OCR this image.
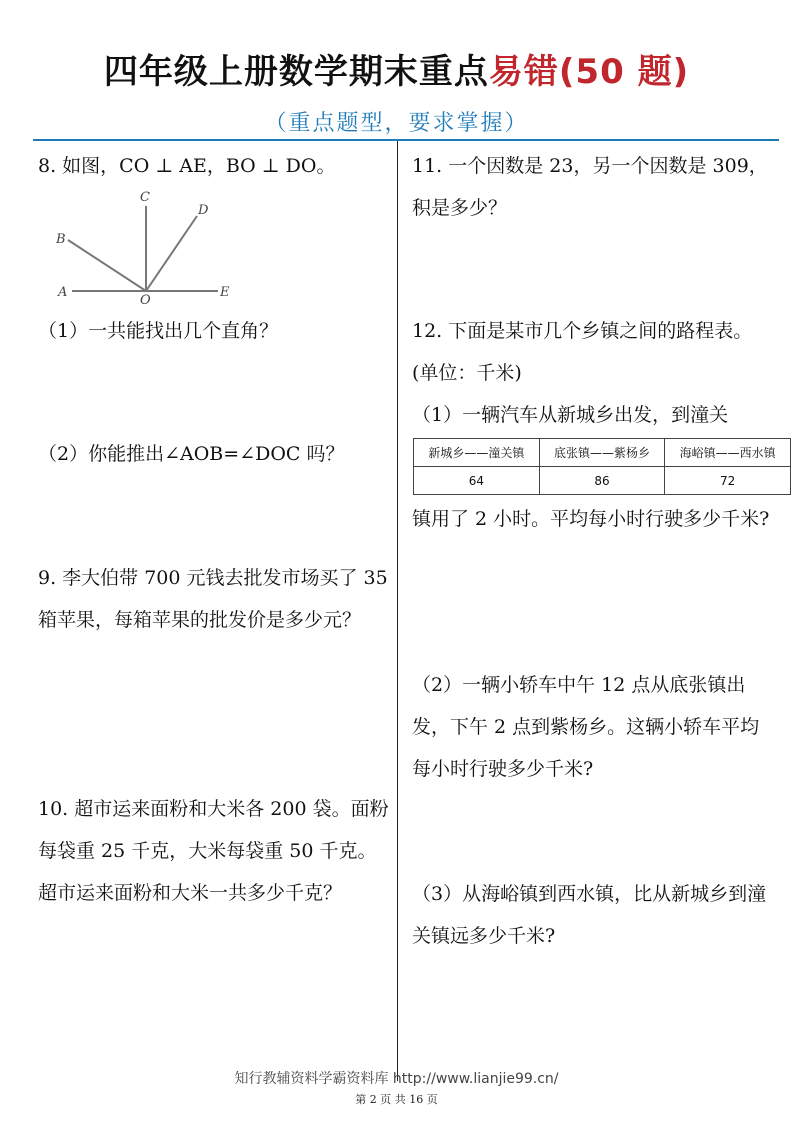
四年级上册数学期末重点易错(50 题)
（重点题型，要求掌握）
8. 如图，CO ⊥ AE，BO ⊥ DO。
A
B
C
D
E
O
（1）一共能找出几个直角？
（2）你能推出∠AOB=∠DOC 吗？
9. 李大伯带 700 元钱去批发市场买了 35 箱苹果，每箱苹果的批发价是多少元？
10. 超市运来面粉和大米各 200 袋。面粉每袋重 25 千克，大米每袋重 50 千克。超市运来面粉和大米一共多少千克？
11. 一个因数是 23，另一个因数是 309，积是多少？
12. 下面是某市几个乡镇之间的路程表。(单位：千米)
（1）一辆汽车从新城乡出发，到潼关
新城乡——潼关镇	底张镇——紫杨乡	海峪镇——西水镇
64	86	72
镇用了 2 小时。平均每小时行驶多少千米?
（2）一辆小轿车中午 12 点从底张镇出发，下午 2 点到紫杨乡。这辆小轿车平均每小时行驶多少千米?
（3）从海峪镇到西水镇，比从新城乡到潼关镇远多少千米?
知行教辅资料学霸资料库 http://www.lianjie99.cn/
第 2 页 共 16 页
